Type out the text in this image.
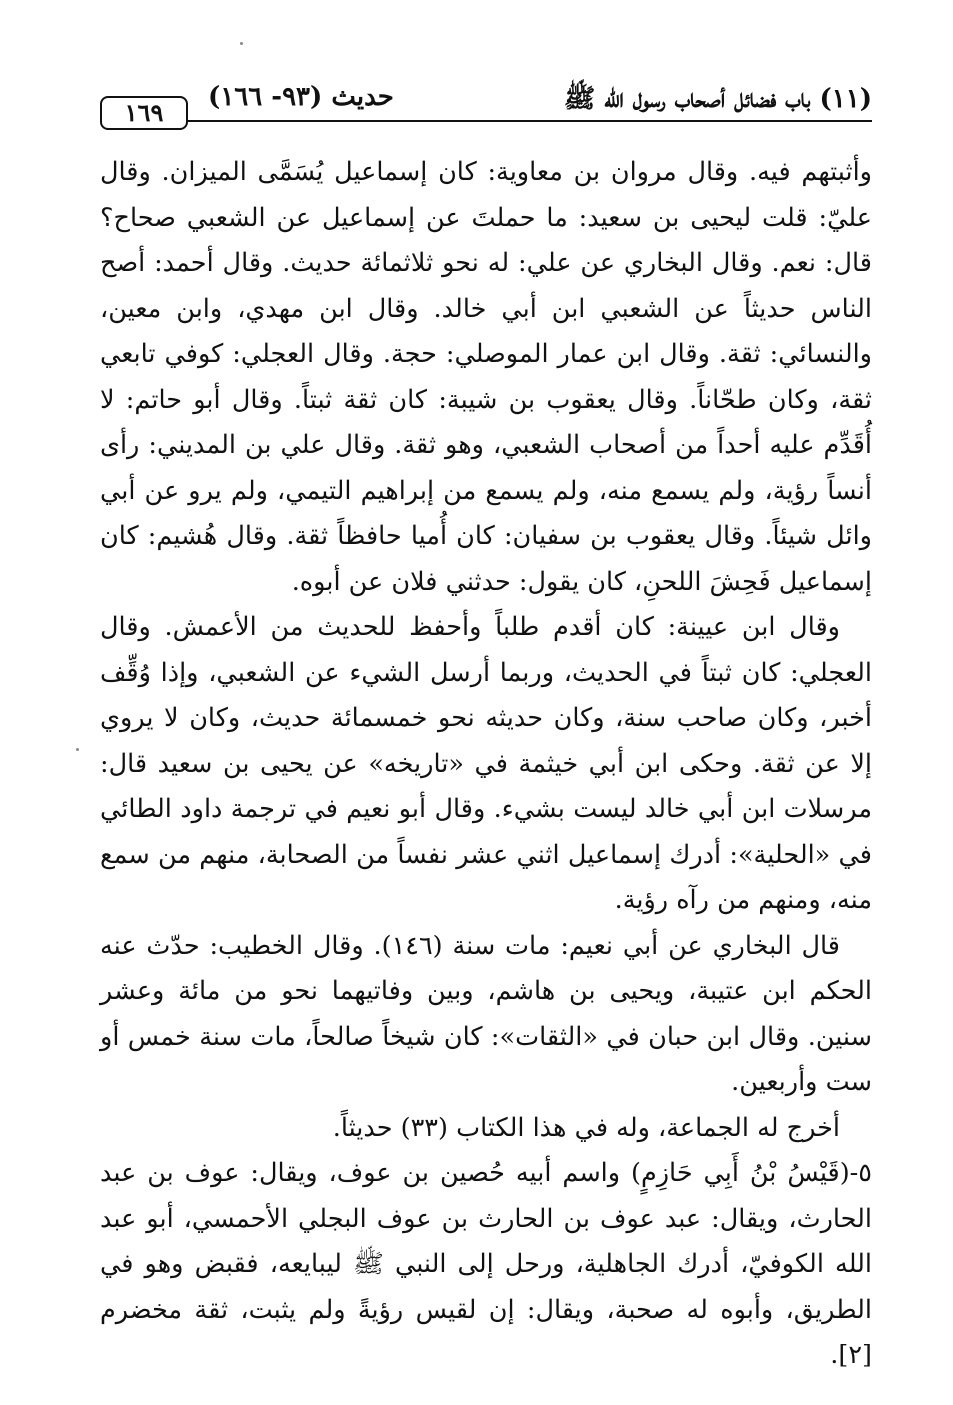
(١١) باب فضائل أصحاب رسول الله ﷺ
حديث (٩٣- ١٦٦)
١٦٩

وأثبتهم فيه. وقال مروان بن معاوية: كان إسماعيل يُسَمَّى الميزان. وقال عليّ: قلت ليحيى بن سعيد: ما حملتَ عن إسماعيل عن الشعبي صحاح؟ قال: نعم. وقال البخاري عن علي: له نحو ثلاثمائة حديث. وقال أحمد: أصح الناس حديثاً عن الشعبي ابن أبي خالد. وقال ابن مهدي، وابن معين، والنسائي: ثقة. وقال ابن عمار الموصلي: حجة. وقال العجلي: كوفي تابعي ثقة، وكان طحّاناً. وقال يعقوب بن شيبة: كان ثقة ثبتاً. وقال أبو حاتم: لا أُقَدِّم عليه أحداً من أصحاب الشعبي، وهو ثقة. وقال علي بن المديني: رأى أنساً رؤية، ولم يسمع منه، ولم يسمع من إبراهيم التيمي، ولم يرو عن أبي وائل شيئاً. وقال يعقوب بن سفيان: كان أُميا حافظاً ثقة. وقال هُشيم: كان إسماعيل فَحِشَ اللحنِ، كان يقول: حدثني فلان عن أبوه.

وقال ابن عيينة: كان أقدم طلباً وأحفظ للحديث من الأعمش. وقال العجلي: كان ثبتاً في الحديث، وربما أرسل الشيء عن الشعبي، وإذا وُقِّف أخبر، وكان صاحب سنة، وكان حديثه نحو خمسمائة حديث، وكان لا يروي إلا عن ثقة. وحكى ابن أبي خيثمة في «تاريخه» عن يحيى بن سعيد قال: مرسلات ابن أبي خالد ليست بشيء. وقال أبو نعيم في ترجمة داود الطائي في «الحلية»: أدرك إسماعيل اثني عشر نفساً من الصحابة، منهم من سمع منه، ومنهم من رآه رؤية.

قال البخاري عن أبي نعيم: مات سنة (١٤٦). وقال الخطيب: حدّث عنه الحكم ابن عتيبة، ويحيى بن هاشم، وبين وفاتيهما نحو من مائة وعشر سنين. وقال ابن حبان في «الثقات»: كان شيخاً صالحاً، مات سنة خمس أو ست وأربعين.

أخرج له الجماعة، وله في هذا الكتاب (٣٣) حديثاً.

٥-(قَيْسُ بْنُ أَبِي حَازِمٍ) واسم أبيه حُصين بن عوف، ويقال: عوف بن عبد الحارث، ويقال: عبد عوف بن الحارث بن عوف البجلي الأحمسي، أبو عبد الله الكوفيّ، أدرك الجاهلية، ورحل إلى النبي ﷺ ليبايعه، فقبض وهو في الطريق، وأبوه له صحبة، ويقال: إن لقيس رؤيةً ولم يثبت، ثقة مخضرم [٢].
